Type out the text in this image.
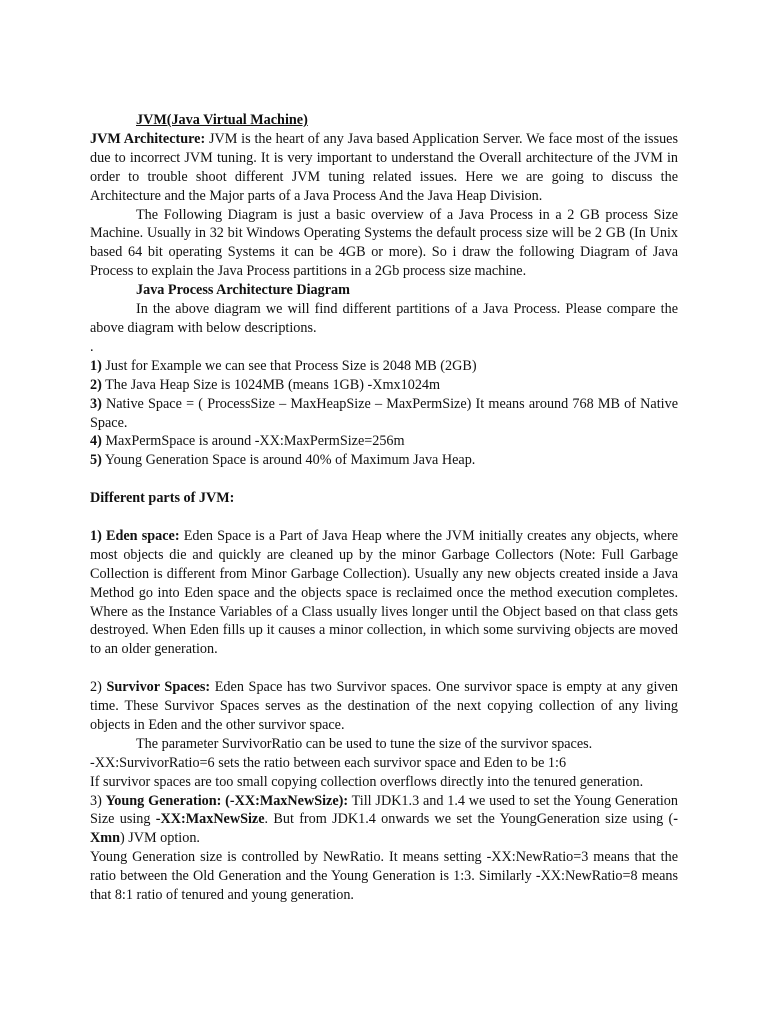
JVM(Java Virtual Machine)

JVM Architecture: JVM is the heart of any Java based Application Server. We face most of the issues due to incorrect JVM tuning. It is very important to understand the Overall architecture of the JVM in order to trouble shoot different JVM tuning related issues. Here we are going to discuss the Architecture and the Major parts of a Java Process And the Java Heap Division.

The Following Diagram is just a basic overview of a Java Process in a 2 GB process Size Machine. Usually in 32 bit Windows Operating Systems the default process size will be 2 GB (In Unix based 64 bit operating Systems it can be 4GB or more). So i draw the following Diagram of Java Process to explain the Java Process partitions in a 2Gb process size machine.

Java Process Architecture Diagram

In the above diagram we will find different partitions of a Java Process. Please compare the above diagram with below descriptions.

.

1) Just for Example we can see that Process Size is 2048 MB (2GB)

2) The Java Heap Size is 1024MB (means 1GB) -Xmx1024m

3) Native Space = ( ProcessSize – MaxHeapSize – MaxPermSize) It means around 768 MB of Native Space.

4) MaxPermSpace is around -XX:MaxPermSize=256m

5) Young Generation Space is around 40% of Maximum Java Heap.

Different parts of JVM:

1) Eden space: Eden Space is a Part of Java Heap where the JVM initially creates any objects, where most objects die and quickly are cleaned up by the minor Garbage Collectors (Note: Full Garbage Collection is different from Minor Garbage Collection). Usually any new objects created inside a Java Method go into Eden space and the objects space is reclaimed once the method execution completes. Where as the Instance Variables of a Class usually lives longer until the Object based on that class gets destroyed. When Eden fills up it causes a minor collection, in which some surviving objects are moved to an older generation.

2) Survivor Spaces: Eden Space has two Survivor spaces. One survivor space is empty at any given time. These Survivor Spaces serves as the destination of the next copying collection of any living objects in Eden and the other survivor space.

The parameter SurvivorRatio can be used to tune the size of the survivor spaces.

-XX:SurvivorRatio=6 sets the ratio between each survivor space and Eden to be 1:6

If survivor spaces are too small copying collection overflows directly into the tenured generation.

3) Young Generation: (-XX:MaxNewSize): Till JDK1.3 and 1.4 we used to set the Young Generation Size using -XX:MaxNewSize. But from JDK1.4 onwards we set the YoungGeneration size using (-Xmn) JVM option.

Young Generation size is controlled by NewRatio. It means setting -XX:NewRatio=3 means that the ratio between the Old Generation and the Young Generation is 1:3. Similarly -XX:NewRatio=8 means that 8:1 ratio of tenured and young generation.
